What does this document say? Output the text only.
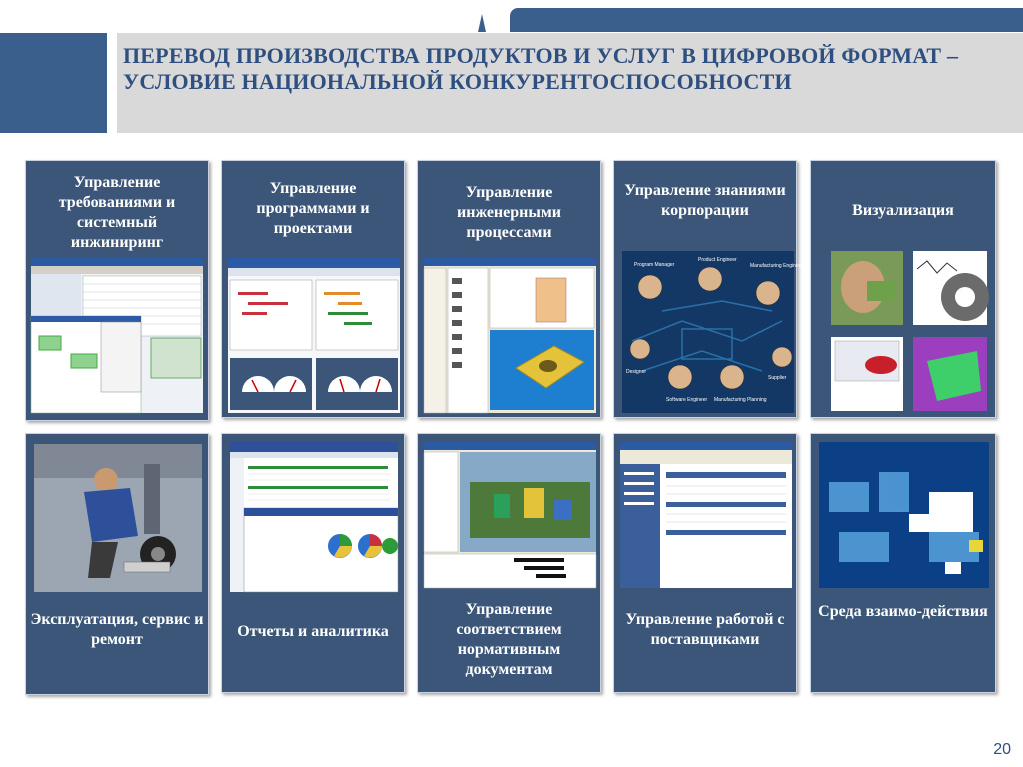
ПЕРЕВОД ПРОИЗВОДСТВА ПРОДУКТОВ И УСЛУГ В ЦИФРОВОЙ ФОРМАТ – УСЛОВИЕ НАЦИОНАЛЬНОЙ КОНКУРЕНТОСПОСОБНОСТИ
Управление требованиями и системный инжиниринг
Управление программами и проектами
Управление инженерными процессами
Управление знаниями корпорации
Program Manager
Product Engineer
Manufacturing Engineer
Designer
Supplier
Software Engineer Manufacturing Planning
Визуализация
Эксплуатация, сервис и ремонт	Отчеты и аналитика
Управление соответствием нормативным документам
Управление работой с поставщиками
Среда взаимо-действия
20
